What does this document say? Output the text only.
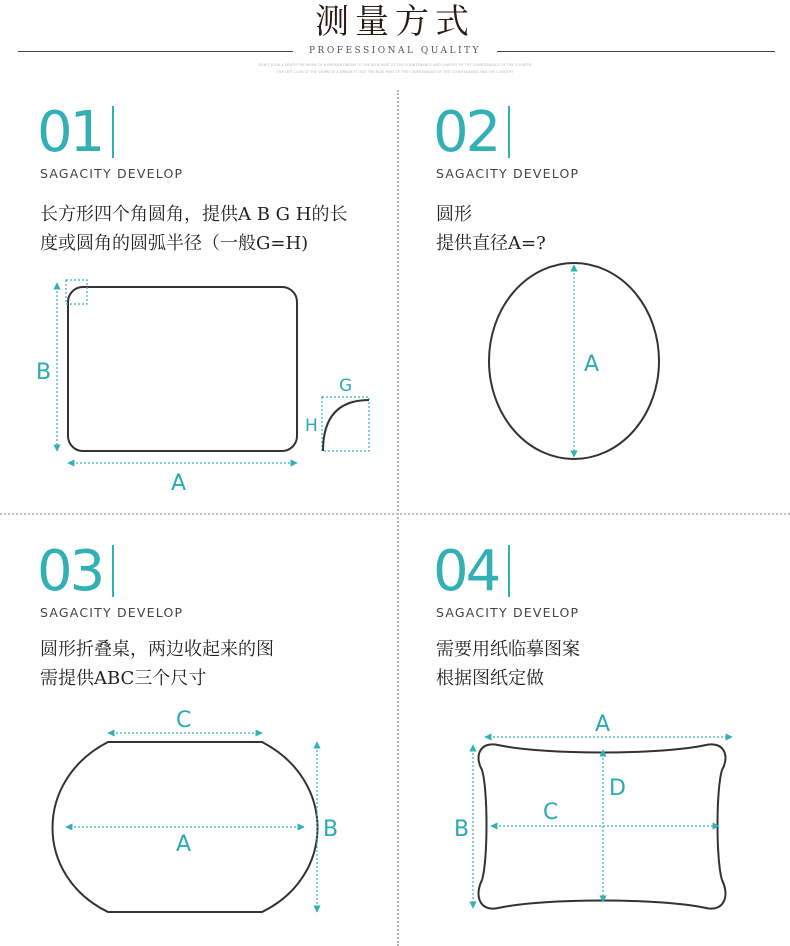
测量方式
PROFESSIONAL QUALITY
DON'T LOOK A DEATH THE WORK OF A BROKEN DREAM TO THE BLUE PART OF THE COUNTENANCE AND CHARIOT OF THE COUNTENANCE OF THE COUNTRY
THE LEFT LOOK AT THE WORK OF A DREAM TO SEE THE BLUE PART OF THE COUNTENANCE OF THE COUNTENANCE AND THE COUNTRY
01
SAGACITY DEVELOP
长方形四个角圆角，提供A B G H的长
度或圆角的圆弧半径（一般G=H)
B
A
G
H
02
SAGACITY DEVELOP
圆形
提供直径A=?
A
03
SAGACITY DEVELOP
圆形折叠桌，两边收起来的图
需提供ABC三个尺寸
C
A
B
04
SAGACITY DEVELOP
需要用纸临摹图案
根据图纸定做
A
B
C
D
